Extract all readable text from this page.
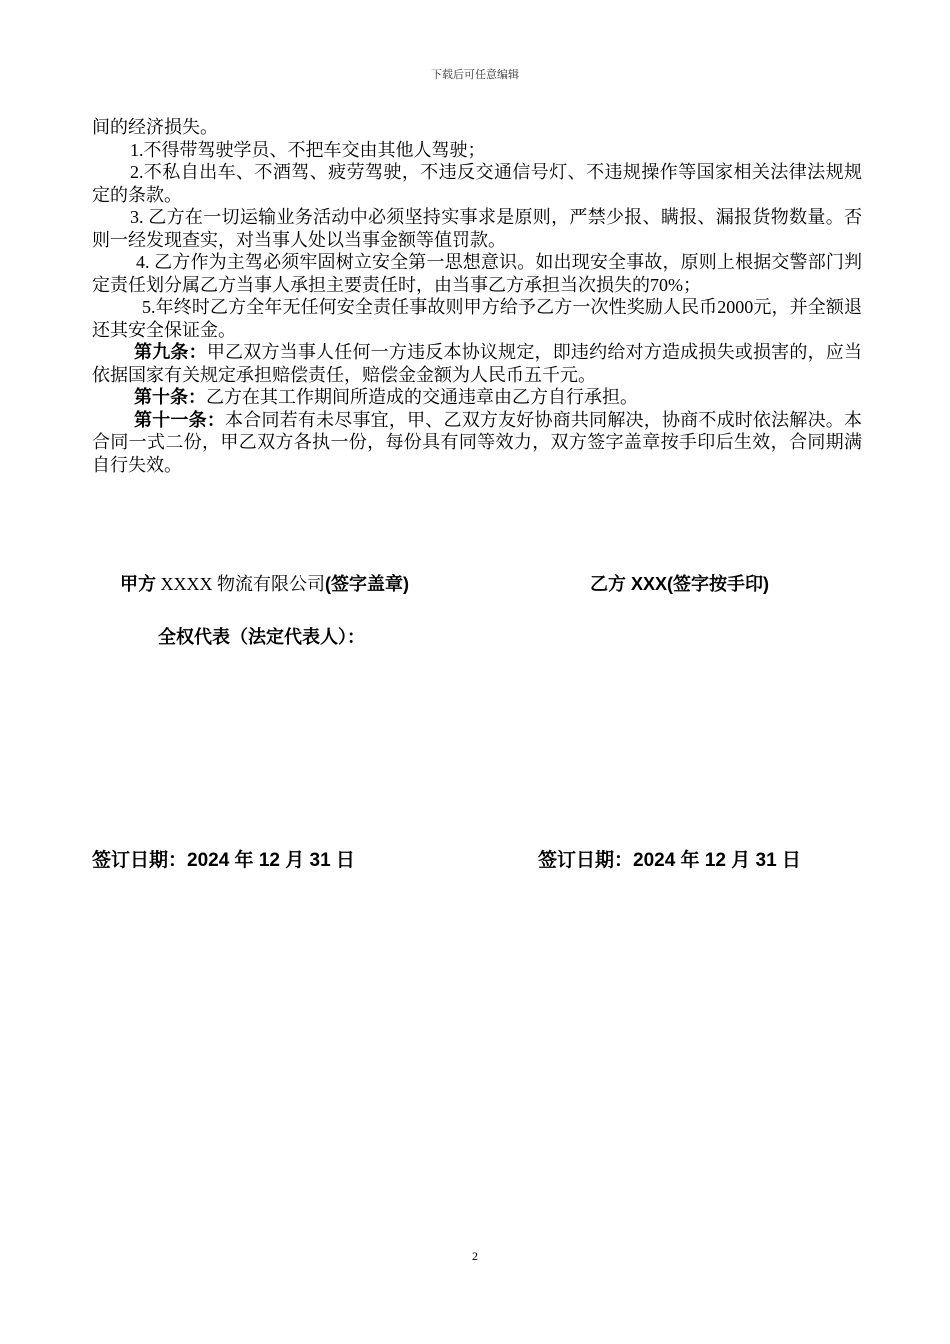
下载后可任意编辑

间的经济损失。

1.不得带驾驶学员、不把车交由其他人驾驶；

2.不私自出车、不酒驾、疲劳驾驶，不违反交通信号灯、不违规操作等国家相关法律法规规定的条款。

3. 乙方在一切运输业务活动中必须坚持实事求是原则，严禁少报、瞒报、漏报货物数量。否则一经发现查实，对当事人处以当事金额等值罚款。

4. 乙方作为主驾必须牢固树立安全第一思想意识。如出现安全事故，原则上根据交警部门判定责任划分属乙方当事人承担主要责任时，由当事乙方承担当次损失的70%；

5.年终时乙方全年无任何安全责任事故则甲方给予乙方一次性奖励人民币2000元，并全额退还其安全保证金。

第九条：甲乙双方当事人任何一方违反本协议规定，即违约给对方造成损失或损害的，应当依据国家有关规定承担赔偿责任，赔偿金金额为人民币五千元。

第十条：乙方在其工作期间所造成的交通违章由乙方自行承担。

第十一条：本合同若有未尽事宜，甲、乙双方友好协商共同解决，协商不成时依法解决。本合同一式二份，甲乙双方各执一份，每份具有同等效力，双方签字盖章按手印后生效，合同期满自行失效。

甲方 XXXX 物流有限公司(签字盖章)	乙方 XXX(签字按手印)
全权代表（法定代表人）：
签订日期：2024 年 12 月 31 日	签订日期：2024 年 12 月 31 日
2
